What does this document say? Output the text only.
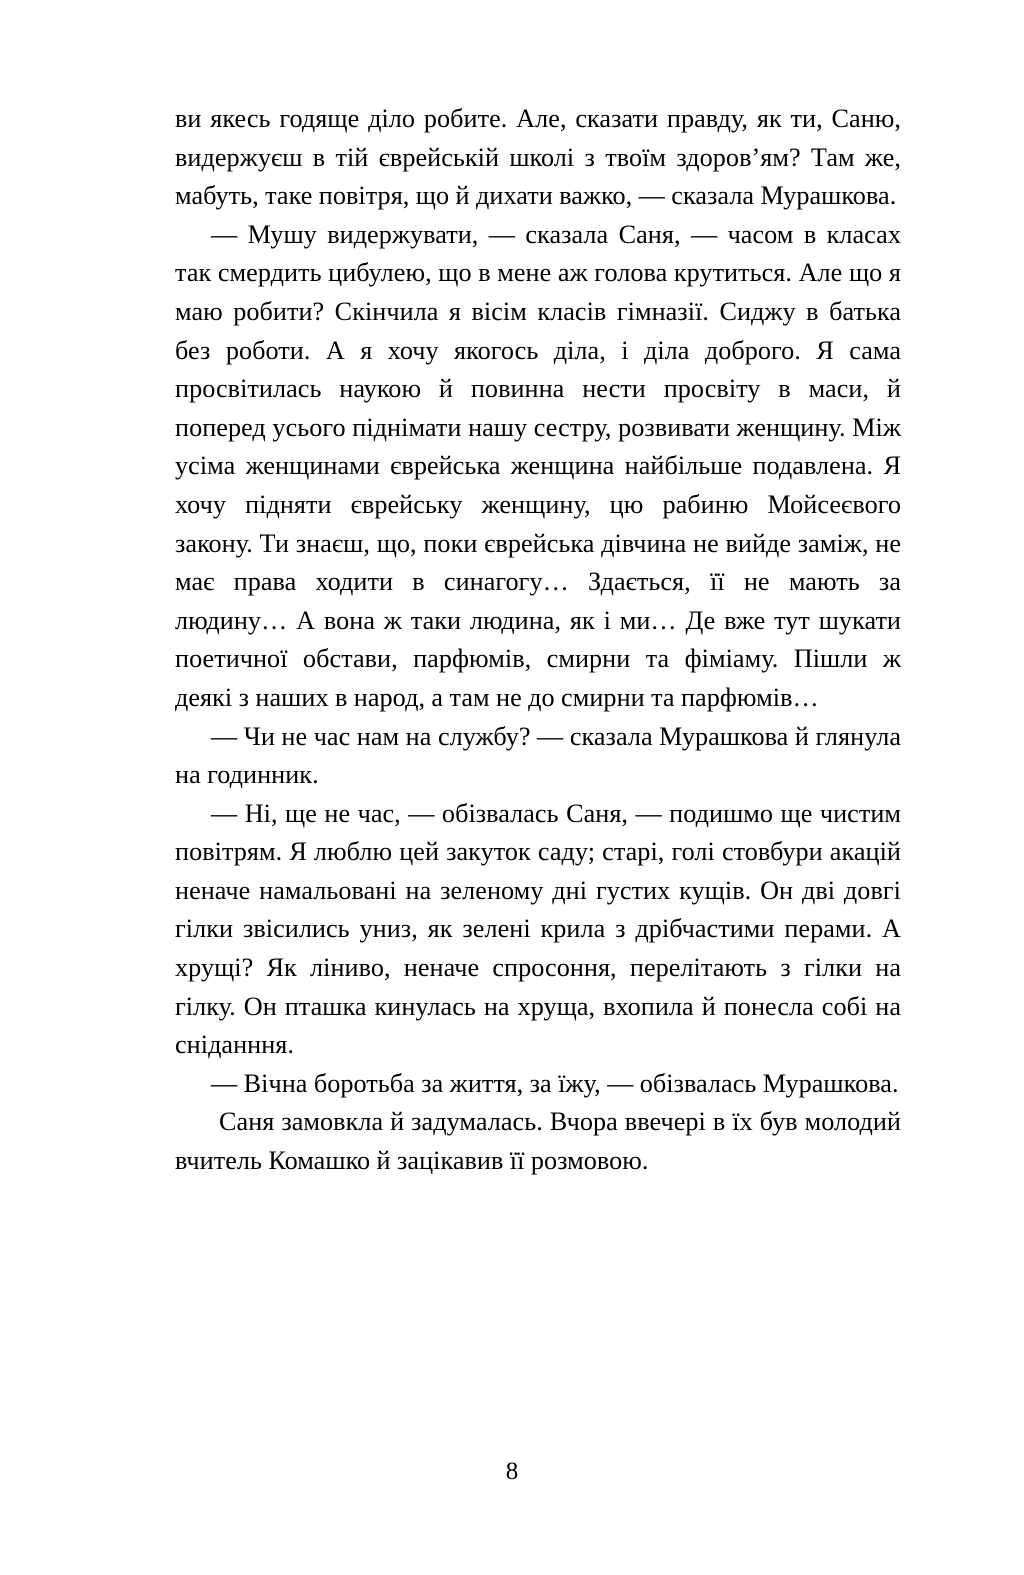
ви якесь годяще діло робите. Але, сказати правду, як ти, Саню, видержуєш в тій єврейській школі з твоїм здоров’ям? Там же, мабуть, таке повітря, що й дихати важко, — сказала Мурашкова.

— Мушу видержувати, — сказала Саня, — часом в класах так смердить цибулею, що в мене аж голова крутиться. Але що я маю робити? Скінчила я вісім класів гімназії. Сиджу в батька без роботи. А я хочу якогось діла, і діла доброго. Я сама просвітилась наукою й повинна нести просвіту в маси, й поперед усього піднімати нашу сестру, розвивати женщину. Між усіма женщинами єврейська женщина найбільше подавлена. Я хочу підняти єврейську женщину, цю рабиню Мойсеєвого закону. Ти знаєш, що, поки єврейська дівчина не вийде заміж, не має права ходити в синагогу… Здається, її не мають за людину… А вона ж таки людина, як і ми… Де вже тут шукати поетичної обстави, парфюмів, смирни та фіміаму. Пішли ж деякі з наших в народ, а там не до смирни та парфюмів…

— Чи не час нам на службу? — сказала Мурашкова й глянула на годинник.

— Ні, ще не час, — обізвалась Саня, — подишмо ще чистим повітрям. Я люблю цей закуток саду; старі, голі стовбури акацій неначе намальовані на зеленому дні густих кущів. Он дві довгі гілки звісились униз, як зелені крила з дрібчастими перами. А хрущі? Як ліниво, неначе спросоння, перелітають з гілки на гілку. Он пташка кинулась на хруща, вхопила й понесла собі на сніданння.

— Вічна боротьба за життя, за їжу, — обізвалась Мурашкова.

Саня замовкла й задумалась. Вчора ввечері в їх був молодий вчитель Комашко й зацікавив її розмовою.

8
